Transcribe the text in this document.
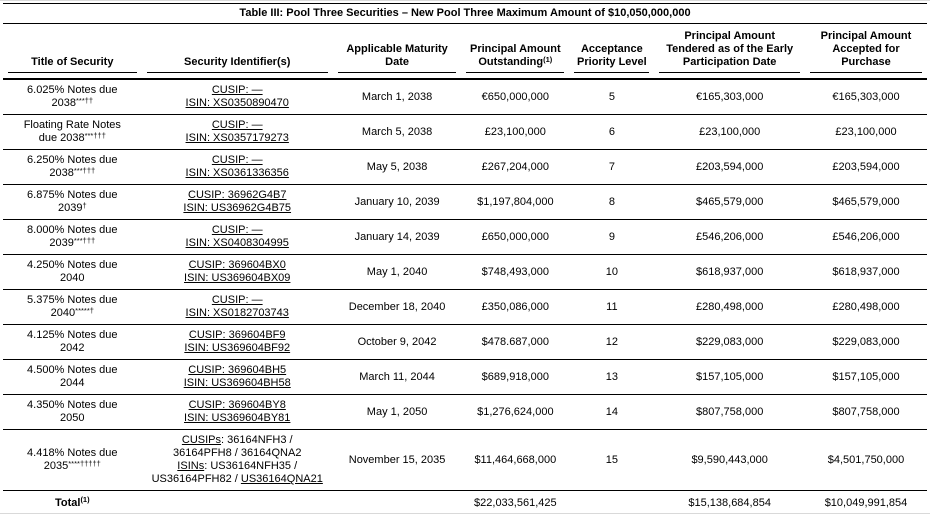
Table III: Pool Three Securities – New Pool Three Maximum Amount of $10,050,000,000
Title of Security	Security Identifier(s)	Applicable Maturity Date	Principal Amount Outstanding$^{(1)}$	Acceptance Priority Level	Principal Amount Tendered as of the Early Participation Date	Principal Amount Accepted for Purchase

6.025% Notes due
2038***††	CUSIP: —
ISIN: XS0350890470	March 1, 2038	€650,000,000	5	€165,303,000	€165,303,000
Floating Rate Notes
due 2038***†††	CUSIP: —
ISIN: XS0357179273	March 5, 2038	£23,100,000	6	£23,100,000	£23,100,000
6.250% Notes due
2038***†††	CUSIP: —
ISIN: XS0361336356	May 5, 2038	£267,204,000	7	£203,594,000	£203,594,000
6.875% Notes due
2039†	CUSIP: 36962G4B7
ISIN: US36962G4B75	January 10, 2039	$1,197,804,000	8	$465,579,000	$465,579,000
8.000% Notes due
2039***†††	CUSIP: —
ISIN: XS0408304995	January 14, 2039	£650,000,000	9	£546,206,000	£546,206,000
4.250% Notes due
2040	CUSIP: 369604BX0
ISIN: US369604BX09	May 1, 2040	$748,493,000	10	$618,937,000	$618,937,000
5.375% Notes due
2040*****†	CUSIP: —
ISIN: XS0182703743	December 18, 2040	£350,086,000	11	£280,498,000	£280,498,000
4.125% Notes due
2042	CUSIP: 369604BF9
ISIN: US369604BF92	October 9, 2042	$478.687,000	12	$229,083,000	$229,083,000
4.500% Notes due
2044	CUSIP: 369604BH5
ISIN: US369604BH58	March 11, 2044	$689,918,000	13	$157,105,000	$157,105,000
4.350% Notes due
2050	CUSIP: 369604BY8
ISIN: US369604BY81	May 1, 2050	$1,276,624,000	14	$807,758,000	$807,758,000
4.418% Notes due
2035****†††††	CUSIPs: 36164NFH3 /
36164PFH8 / 36164QNA2
ISINs: US36164NFH35 /
US36164PFH82 / US36164QNA21	November 15, 2035	$11,464,668,000	15	$9,590,443,000	$4,501,750,000
Total$^{(1)}$			$22,033,561,425		$15,138,684,854	$10,049,991,854
